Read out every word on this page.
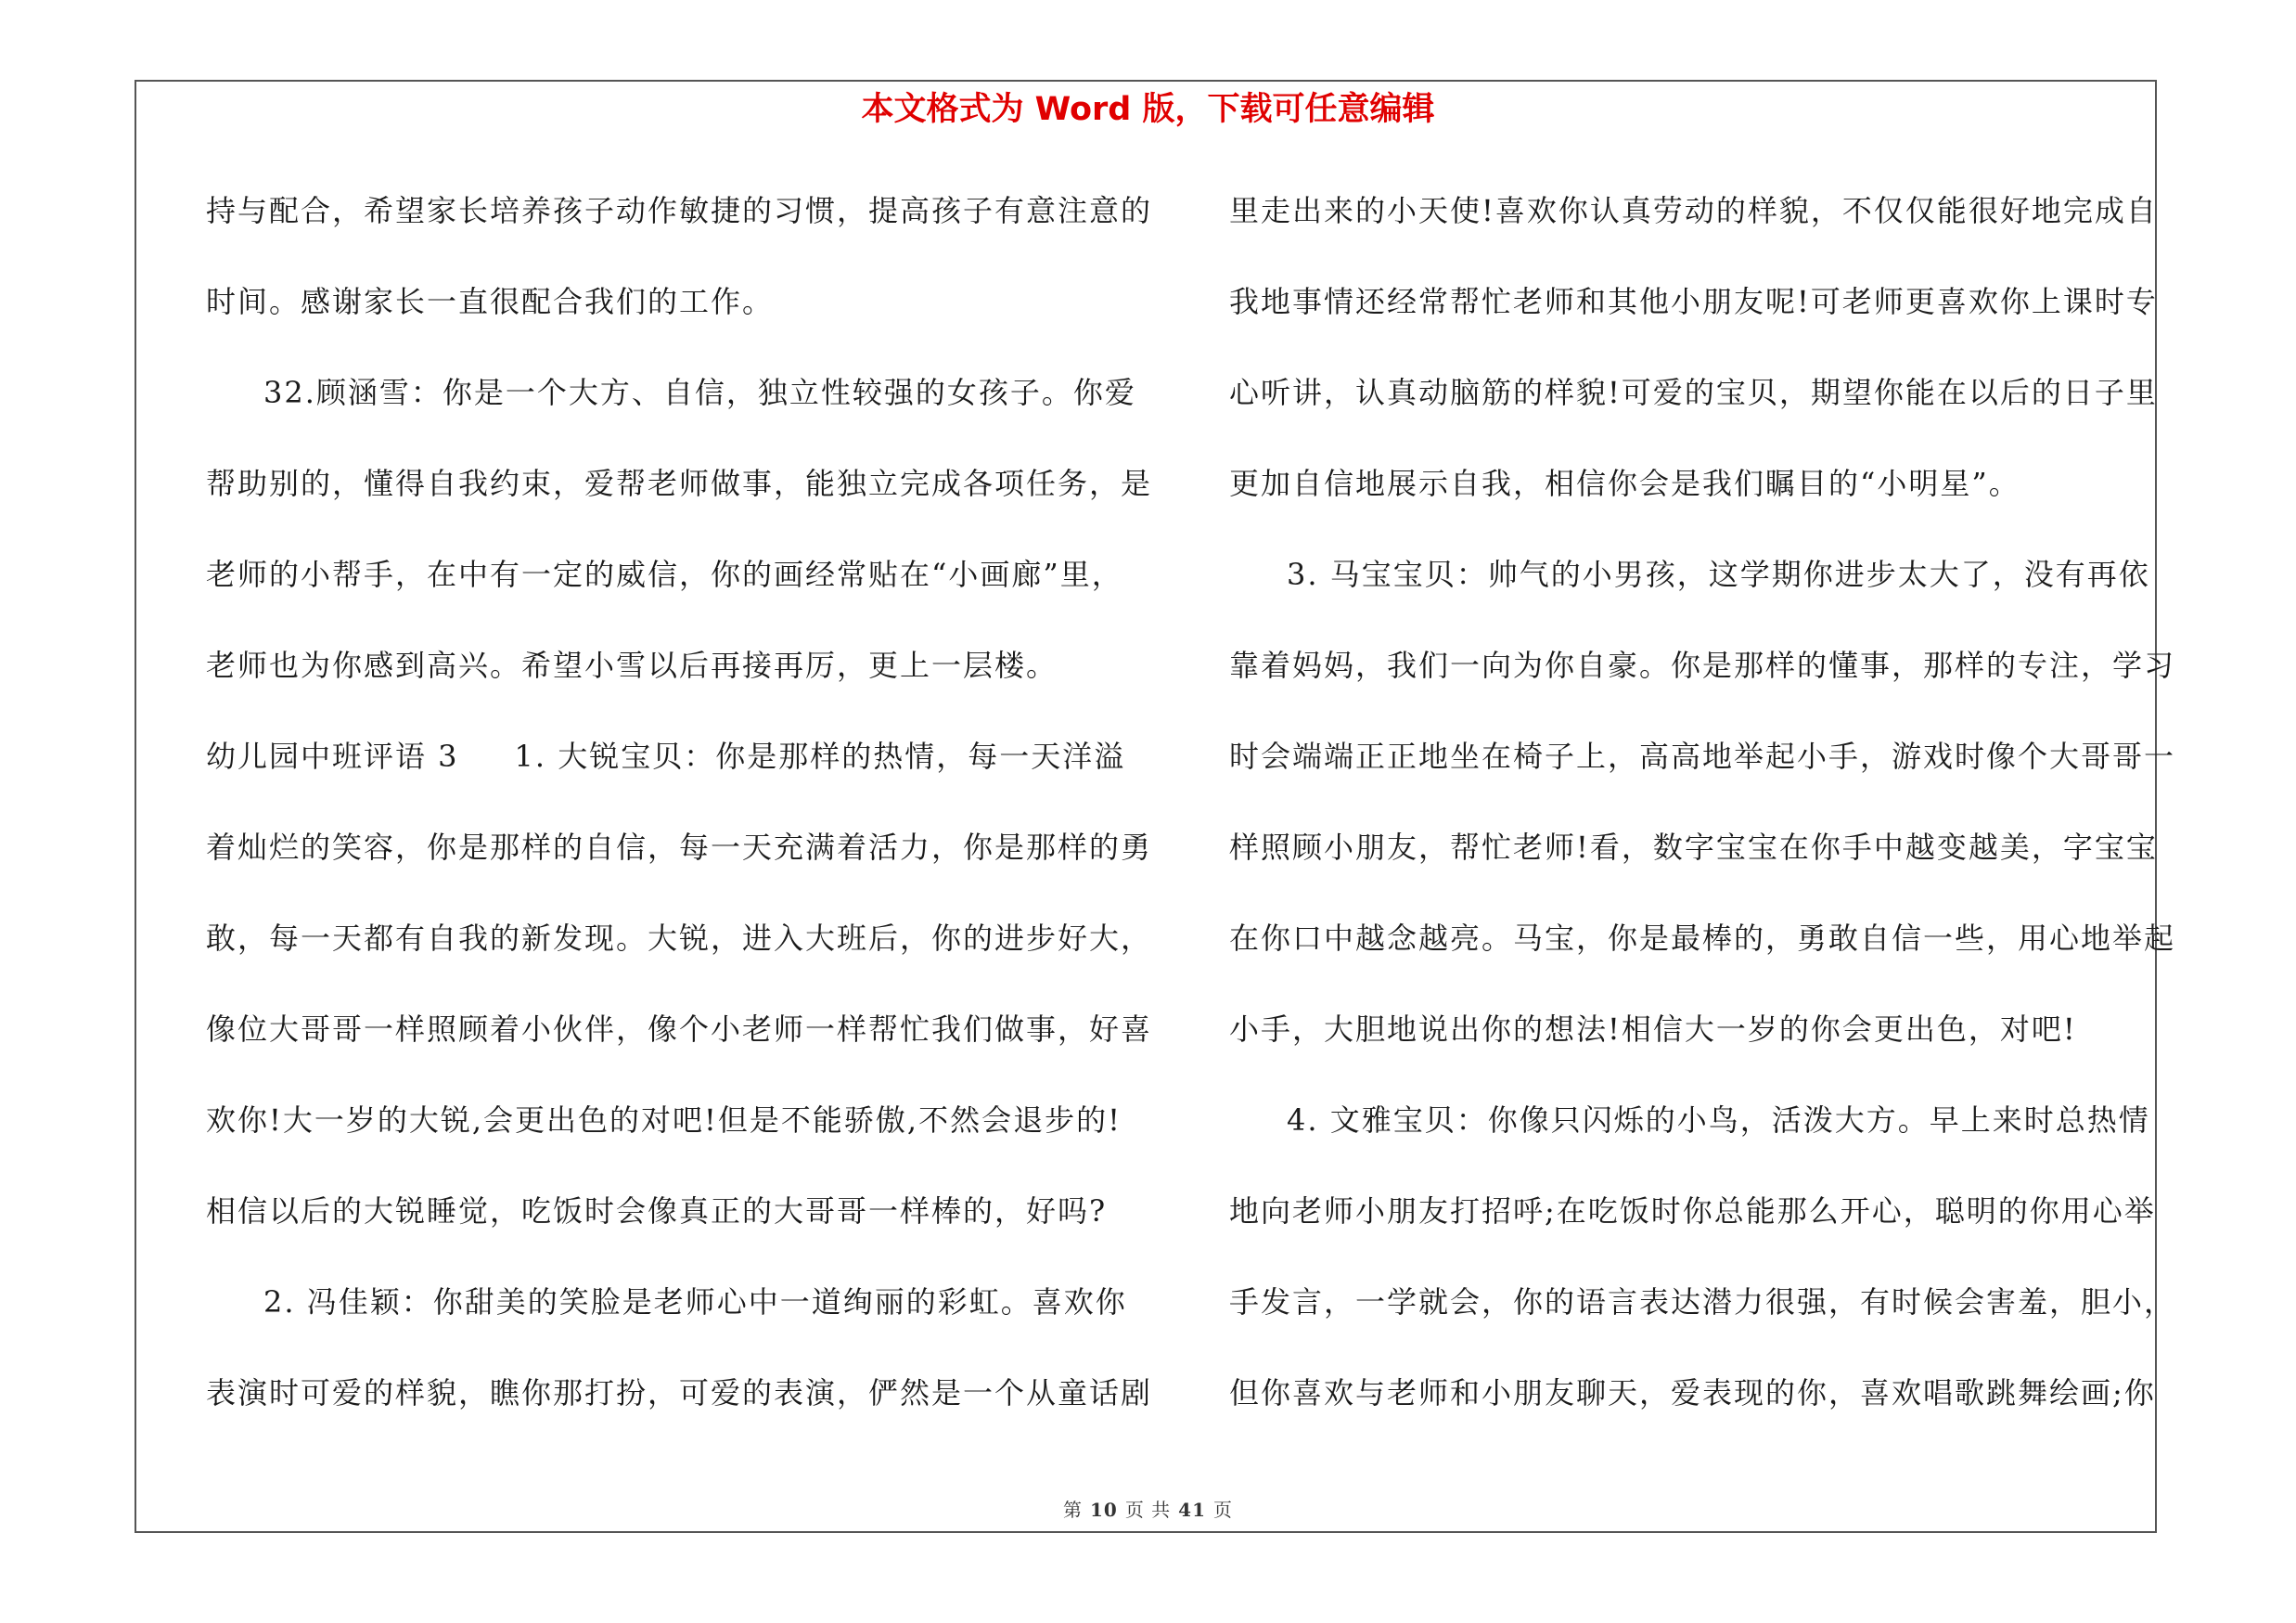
本文格式为 Word 版，下载可任意编辑
持与配合，希望家长培养孩子动作敏捷的习惯，提高孩子有意注意的
时间。感谢家长一直很配合我们的工作。
32.顾涵雪：你是一个大方、自信，独立性较强的女孩子。你爱
帮助别的，懂得自我约束，爱帮老师做事，能独立完成各项任务，是
老师的小帮手，在中有一定的威信，你的画经常贴在“小画廊”里，
老师也为你感到高兴。希望小雪以后再接再厉，更上一层楼。
幼儿园中班评语 3 1. 大锐宝贝：你是那样的热情，每一天洋溢
着灿烂的笑容，你是那样的自信，每一天充满着活力，你是那样的勇
敢，每一天都有自我的新发现。大锐，进入大班后，你的进步好大，
像位大哥哥一样照顾着小伙伴，像个小老师一样帮忙我们做事，好喜
欢你!大一岁的大锐,会更出色的对吧!但是不能骄傲,不然会退步的!
相信以后的大锐睡觉，吃饭时会像真正的大哥哥一样棒的，好吗?
2. 冯佳颖：你甜美的笑脸是老师心中一道绚丽的彩虹。喜欢你
表演时可爱的样貌，瞧你那打扮，可爱的表演，俨然是一个从童话剧
里走出来的小天使!喜欢你认真劳动的样貌，不仅仅能很好地完成自
我地事情还经常帮忙老师和其他小朋友呢!可老师更喜欢你上课时专
心听讲，认真动脑筋的样貌!可爱的宝贝，期望你能在以后的日子里
更加自信地展示自我，相信你会是我们瞩目的“小明星”。
3. 马宝宝贝：帅气的小男孩，这学期你进步太大了，没有再依
靠着妈妈，我们一向为你自豪。你是那样的懂事，那样的专注，学习
时会端端正正地坐在椅子上，高高地举起小手，游戏时像个大哥哥一
样照顾小朋友，帮忙老师!看，数字宝宝在你手中越变越美，字宝宝
在你口中越念越亮。马宝，你是最棒的，勇敢自信一些，用心地举起
小手，大胆地说出你的想法!相信大一岁的你会更出色，对吧!
4. 文雅宝贝：你像只闪烁的小鸟，活泼大方。早上来时总热情
地向老师小朋友打招呼;在吃饭时你总能那么开心，聪明的你用心举
手发言，一学就会，你的语言表达潜力很强，有时候会害羞，胆小，
但你喜欢与老师和小朋友聊天，爱表现的你，喜欢唱歌跳舞绘画;你
第 10 页 共 41 页
